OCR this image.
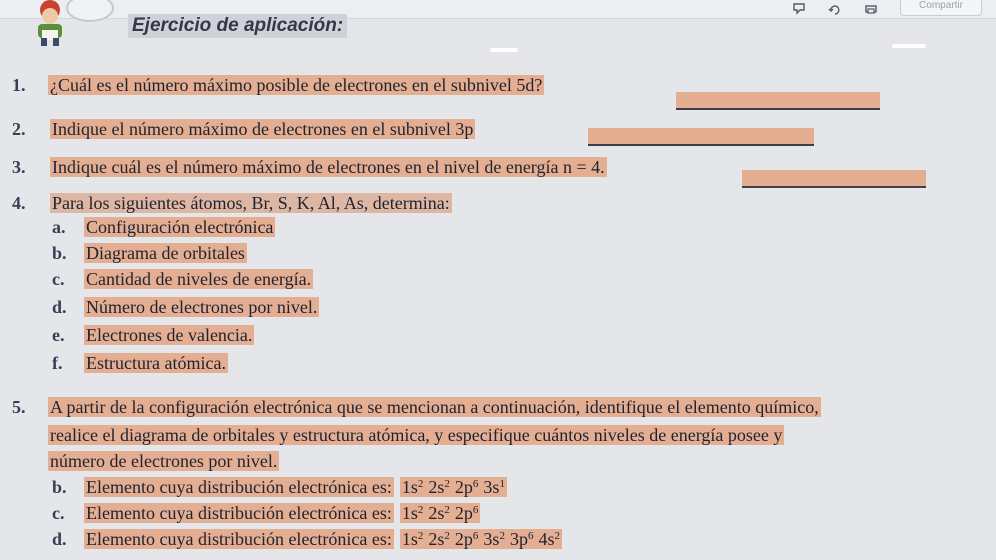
Compartir
Ejercicio de aplicación:
1. ¿Cuál es el número máximo posible de electrones en el subnivel 5d?
2. Indique el número máximo de electrones en el subnivel 3p
3. Indique cuál es el número máximo de electrones en el nivel de energía n = 4.
4. Para los siguientes átomos, Br, S, K, Al, As, determina:
a. Configuración electrónica
b. Diagrama de orbitales
c. Cantidad de niveles de energía.
d. Número de electrones por nivel.
e. Electrones de valencia.
f. Estructura atómica.
5. A partir de la configuración electrónica que se mencionan a continuación, identifique el elemento químico,
realice el diagrama de orbitales y estructura atómica, y especifique cuántos niveles de energía posee y
número de electrones por nivel.
b. Elemento cuya distribución electrónica es: $1s^2$ $2s^2$ $2p^6$ $3s^1$
c. Elemento cuya distribución electrónica es: $1s^2$ $2s^2$ $2p^6$
d. Elemento cuya distribución electrónica es: $1s^2$ $2s^2$ $2p^6$ $3s^2$ $3p^6$ $4s^2$
